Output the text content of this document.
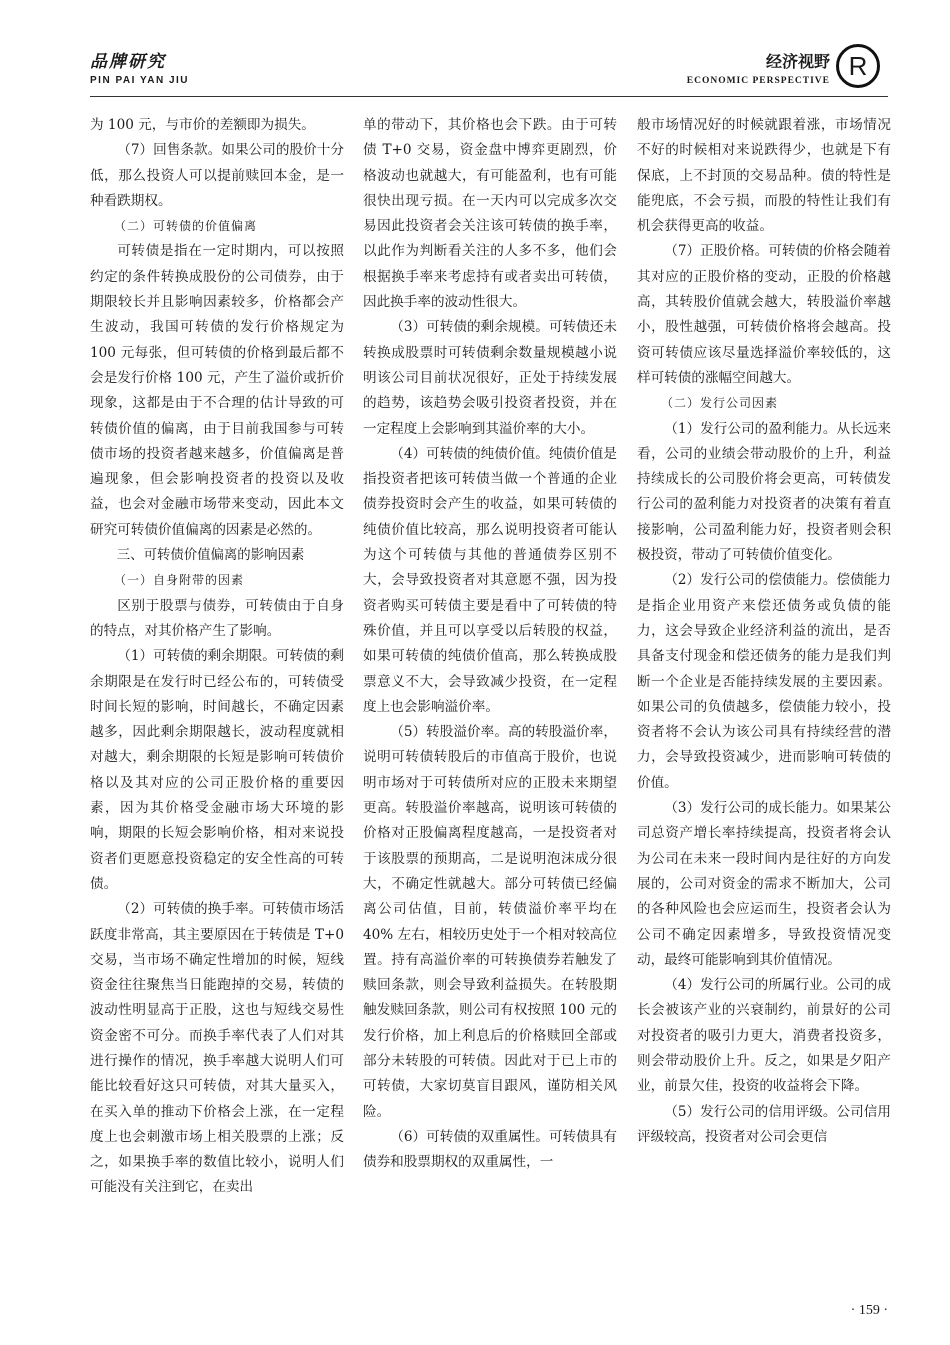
品牌研究
PIN PAI YAN JIU
经济视野
ECONOMIC PERSPECTIVE
R

为 100 元，与市价的差额即为损失。

（7）回售条款。如果公司的股价十分低，那么投资人可以提前赎回本金，是一种看跌期权。

（二）可转债的价值偏离

可转债是指在一定时期内，可以按照约定的条件转换成股份的公司债券，由于期限较长并且影响因素较多，价格都会产生波动，我国可转债的发行价格规定为 100 元每张，但可转债的价格到最后都不会是发行价格 100 元，产生了溢价或折价现象，这都是由于不合理的估计导致的可转债价值的偏离，由于目前我国参与可转债市场的投资者越来越多，价值偏离是普遍现象，但会影响投资者的投资以及收益，也会对金融市场带来变动，因此本文研究可转债价值偏离的因素是必然的。

三、可转债价值偏离的影响因素

（一）自身附带的因素

区别于股票与债券，可转债由于自身的特点，对其价格产生了影响。

（1）可转债的剩余期限。可转债的剩余期限是在发行时已经公布的，可转债受时间长短的影响，时间越长，不确定因素越多，因此剩余期限越长，波动程度就相对越大，剩余期限的长短是影响可转债价格以及其对应的公司正股价格的重要因素，因为其价格受金融市场大环境的影响，期限的长短会影响价格，相对来说投资者们更愿意投资稳定的安全性高的可转债。

（2）可转债的换手率。可转债市场活跃度非常高，其主要原因在于转债是 T+0 交易，当市场不确定性增加的时候，短线资金往往聚焦当日能跑掉的交易，转债的波动性明显高于正股，这也与短线交易性资金密不可分。而换手率代表了人们对其进行操作的情况，换手率越大说明人们可能比较看好这只可转债，对其大量买入，在买入单的推动下价格会上涨，在一定程度上也会刺激市场上相关股票的上涨；反之，如果换手率的数值比较小，说明人们可能没有关注到它，在卖出

单的带动下，其价格也会下跌。由于可转债 T+0 交易，资金盘中博弈更剧烈，价格波动也就越大，有可能盈利，也有可能很快出现亏损。在一天内可以完成多次交易因此投资者会关注该可转债的换手率，以此作为判断看关注的人多不多，他们会根据换手率来考虑持有或者卖出可转债，因此换手率的波动性很大。

（3）可转债的剩余规模。可转债还未转换成股票时可转债剩余数量规模越小说明该公司目前状况很好，正处于持续发展的趋势，该趋势会吸引投资者投资，并在一定程度上会影响到其溢价率的大小。

（4）可转债的纯债价值。纯债价值是指投资者把该可转债当做一个普通的企业债券投资时会产生的收益，如果可转债的纯债价值比较高，那么说明投资者可能认为这个可转债与其他的普通债券区别不大，会导致投资者对其意愿不强，因为投资者购买可转债主要是看中了可转债的特殊价值，并且可以享受以后转股的权益，如果可转债的纯债价值高，那么转换成股票意义不大，会导致减少投资，在一定程度上也会影响溢价率。

（5）转股溢价率。高的转股溢价率，说明可转债转股后的市值高于股价，也说明市场对于可转债所对应的正股未来期望更高。转股溢价率越高，说明该可转债的价格对正股偏离程度越高，一是投资者对于该股票的预期高，二是说明泡沫成分很大，不确定性就越大。部分可转债已经偏离公司估值，目前，转债溢价率平均在 40% 左右，相较历史处于一个相对较高位置。持有高溢价率的可转换债券若触发了赎回条款，则会导致利益损失。在转股期触发赎回条款，则公司有权按照 100 元的发行价格，加上利息后的价格赎回全部或部分未转股的可转债。因此对于已上市的可转债，大家切莫盲目跟风，谨防相关风险。

（6）可转债的双重属性。可转债具有债券和股票期权的双重属性，一

般市场情况好的时候就跟着涨，市场情况不好的时候相对来说跌得少，也就是下有保底，上不封顶的交易品种。债的特性是能兜底，不会亏损，而股的特性让我们有机会获得更高的收益。

（7）正股价格。可转债的价格会随着其对应的正股价格的变动，正股的价格越高，其转股价值就会越大，转股溢价率越小，股性越强，可转债价格将会越高。投资可转债应该尽量选择溢价率较低的，这样可转债的涨幅空间越大。

（二）发行公司因素

（1）发行公司的盈利能力。从长远来看，公司的业绩会带动股价的上升，利益持续成长的公司股价将会更高，可转债发行公司的盈利能力对投资者的决策有着直接影响，公司盈利能力好，投资者则会积极投资，带动了可转债价值变化。

（2）发行公司的偿债能力。偿债能力是指企业用资产来偿还债务或负债的能力，这会导致企业经济利益的流出，是否具备支付现金和偿还债务的能力是我们判断一个企业是否能持续发展的主要因素。如果公司的负债越多，偿债能力较小，投资者将不会认为该公司具有持续经营的潜力，会导致投资减少，进而影响可转债的价值。

（3）发行公司的成长能力。如果某公司总资产增长率持续提高，投资者将会认为公司在未来一段时间内是往好的方向发展的，公司对资金的需求不断加大，公司的各种风险也会应运而生，投资者会认为公司不确定因素增多，导致投资情况变动，最终可能影响到其价值情况。

（4）发行公司的所属行业。公司的成长会被该产业的兴衰制约，前景好的公司对投资者的吸引力更大，消费者投资多，则会带动股价上升。反之，如果是夕阳产业，前景欠佳，投资的收益将会下降。

（5）发行公司的信用评级。公司信用评级较高，投资者对公司会更信

· 159 ·
